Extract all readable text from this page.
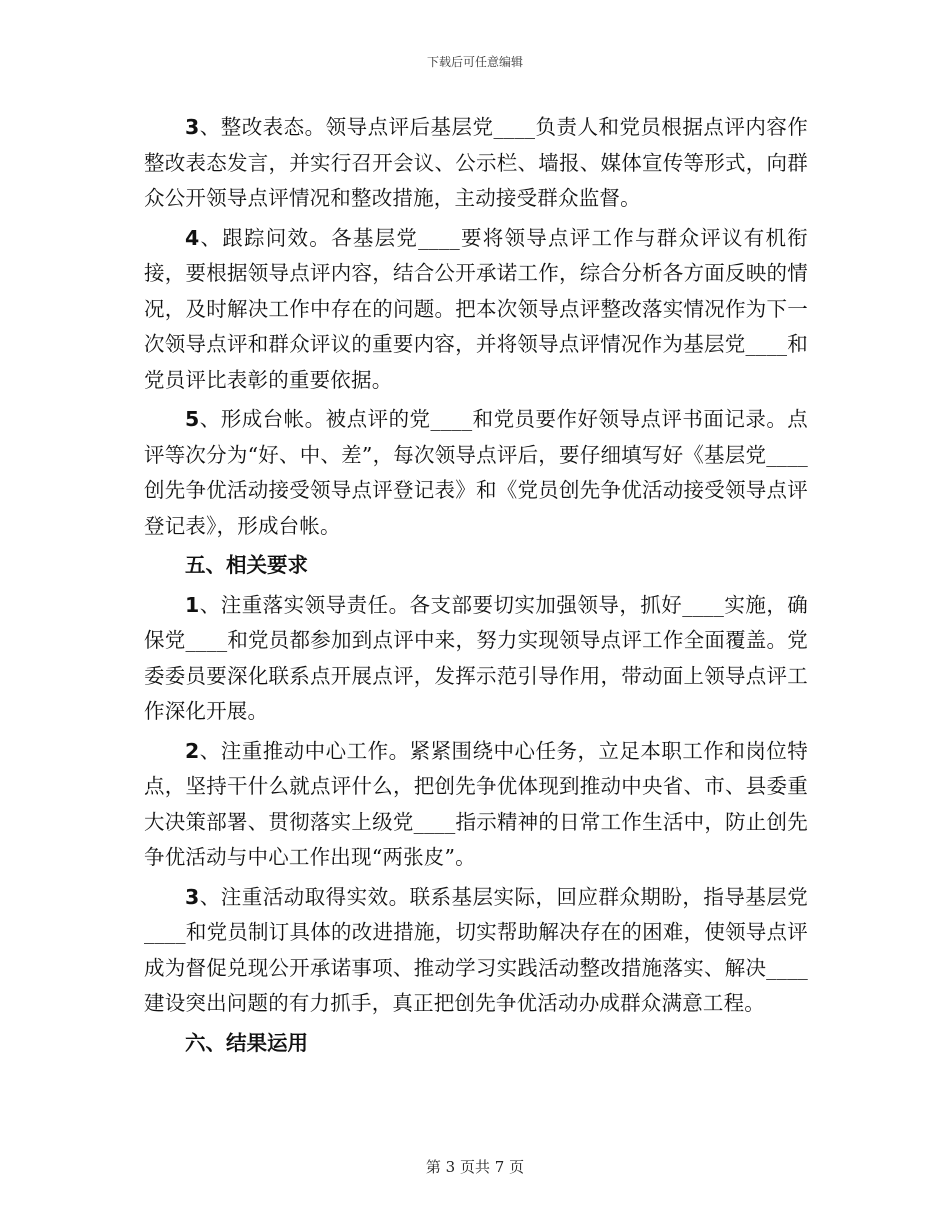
下载后可任意编辑

3、整改表态。领导点评后基层党____负责人和党员根据点评内容作整改表态发言，并实行召开会议、公示栏、墙报、媒体宣传等形式，向群众公开领导点评情况和整改措施，主动接受群众监督。

4、跟踪问效。各基层党____要将领导点评工作与群众评议有机衔接，要根据领导点评内容，结合公开承诺工作，综合分析各方面反映的情况，及时解决工作中存在的问题。把本次领导点评整改落实情况作为下一次领导点评和群众评议的重要内容，并将领导点评情况作为基层党____和党员评比表彰的重要依据。

5、形成台帐。被点评的党____和党员要作好领导点评书面记录。点评等次分为“好、中、差”，每次领导点评后，要仔细填写好《基层党____创先争优活动接受领导点评登记表》和《党员创先争优活动接受领导点评登记表》，形成台帐。

五、相关要求

1、注重落实领导责任。各支部要切实加强领导，抓好____实施，确保党____和党员都参加到点评中来，努力实现领导点评工作全面覆盖。党委委员要深化联系点开展点评，发挥示范引导作用，带动面上领导点评工作深化开展。

2、注重推动中心工作。紧紧围绕中心任务，立足本职工作和岗位特点，坚持干什么就点评什么，把创先争优体现到推动中央省、市、县委重大决策部署、贯彻落实上级党____指示精神的日常工作生活中，防止创先争优活动与中心工作出现“两张皮”。

3、注重活动取得实效。联系基层实际，回应群众期盼，指导基层党____和党员制订具体的改进措施，切实帮助解决存在的困难，使领导点评成为督促兑现公开承诺事项、推动学习实践活动整改措施落实、解决____建设突出问题的有力抓手，真正把创先争优活动办成群众满意工程。

六、结果运用

第 3 页共 7 页
